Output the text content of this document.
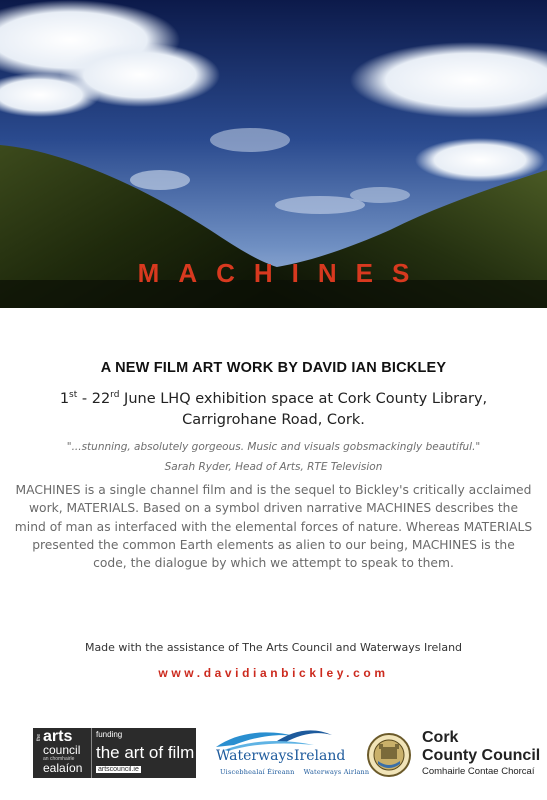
MACHINES
A NEW FILM ART WORK BY DAVID IAN BICKLEY
1st - 22rd June LHQ exhibition space at Cork County Library,
Carrigrohane Road, Cork.
"...stunning, absolutely gorgeous. Music and visuals gobsmackingly beautiful."
Sarah Ryder, Head of Arts, RTE Television
MACHINES is a single channel film and is the sequel to Bickley's critically acclaimed work, MATERIALS. Based on a symbol driven narrative MACHINES describes the mind of man as interfaced with the elemental forces of nature. Whereas MATERIALS presented the common Earth elements as alien to our being, MACHINES is the code, the dialogue by which we attempt to speak to them.
Made with the assistance of The Arts Council and Waterways Ireland
www.davidianbickley.com
the arts
council
an chomhairle
ealaíon
funding
the art of film
artscouncil.ie
Waterways Ireland
Uiscebhealaí Éireann    Waterways Airlann
Cork
County Council
Comhairle Contae Chorcaí
